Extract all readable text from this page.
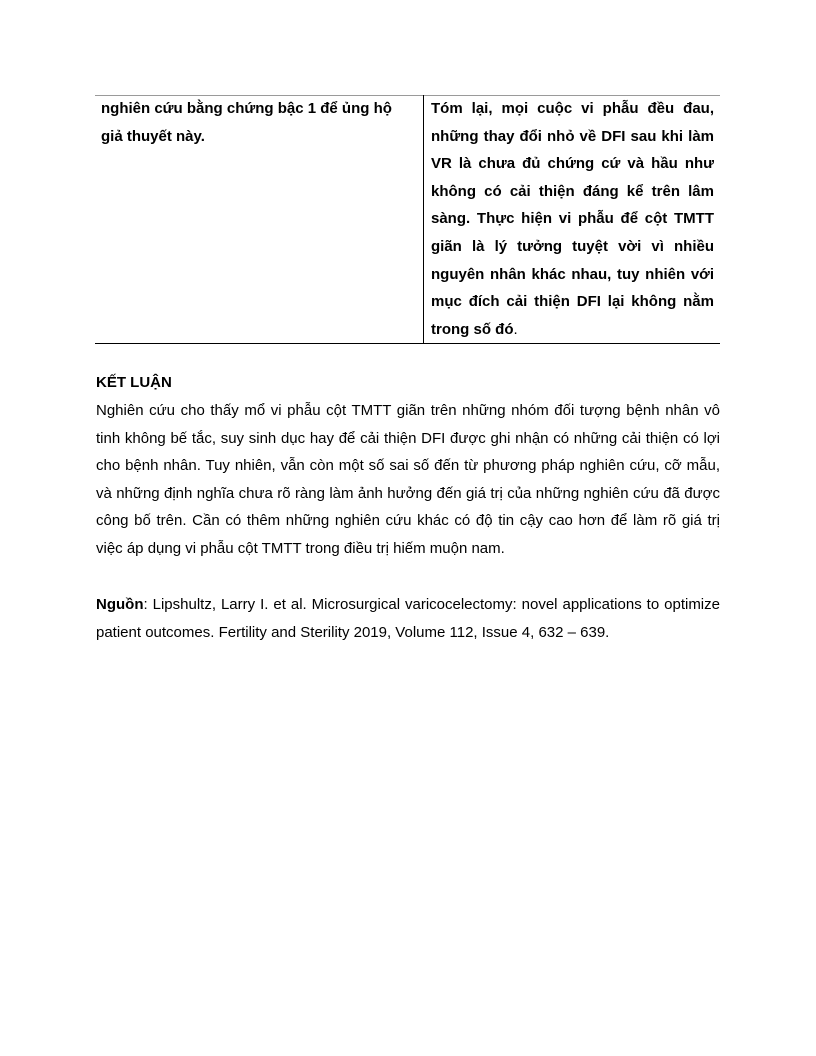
nghiên cứu bằng chứng bậc 1 để ủng hộ giả thuyết này.	Tóm lại, mọi cuộc vi phẫu đều đau, những thay đổi nhỏ về DFI sau khi làm VR là chưa đủ chứng cứ và hầu như không có cải thiện đáng kể trên lâm sàng. Thực hiện vi phẫu để cột TMTT giãn là lý tưởng tuyệt vời vì nhiều nguyên nhân khác nhau, tuy nhiên với mục đích cải thiện DFI lại không nằm trong số đó.
KẾT LUẬN
Nghiên cứu cho thấy mổ vi phẫu cột TMTT giãn trên những nhóm đối tượng bệnh nhân vô tinh không bế tắc, suy sinh dục hay để cải thiện DFI được ghi nhận có những cải thiện có lợi cho bệnh nhân. Tuy nhiên, vẫn còn một số sai số đến từ phương pháp nghiên cứu, cỡ mẫu, và những định nghĩa chưa rõ ràng làm ảnh hưởng đến giá trị của những nghiên cứu đã được công bố trên. Cần có thêm những nghiên cứu khác có độ tin cậy cao hơn để làm rõ giá trị việc áp dụng vi phẫu cột TMTT trong điều trị hiếm muộn nam.
Nguồn: Lipshultz, Larry I. et al. Microsurgical varicocelectomy: novel applications to optimize patient outcomes. Fertility and Sterility 2019, Volume 112, Issue 4, 632 – 639.
